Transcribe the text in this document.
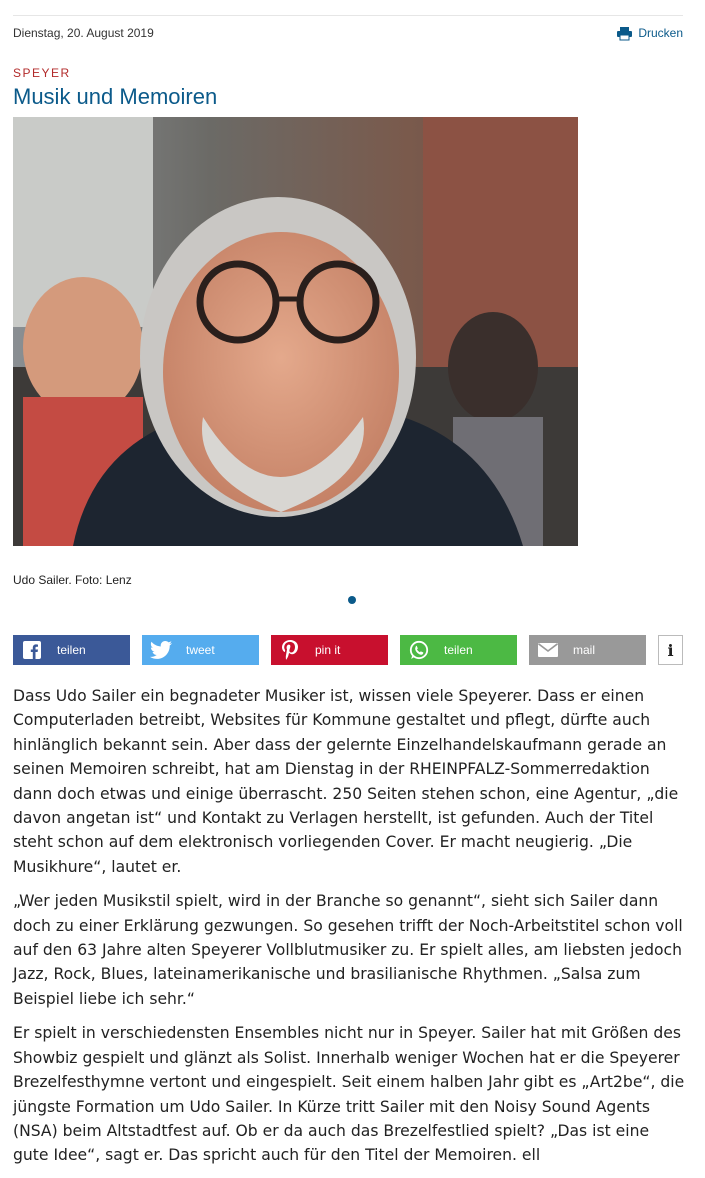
Dienstag, 20. August 2019	Drucken
SPEYER
Musik und Memoiren
Udo Sailer. Foto: Lenz
teilen	tweet	pin it	teilen	mail	i

Dass Udo Sailer ein begnadeter Musiker ist, wissen viele Speyerer. Dass er einen Computerladen betreibt, Websites für Kommune gestaltet und pflegt, dürfte auch hinlänglich bekannt sein. Aber dass der gelernte Einzelhandelskaufmann gerade an seinen Memoiren schreibt, hat am Dienstag in der RHEINPFALZ-Sommerredaktion dann doch etwas und einige überrascht. 250 Seiten stehen schon, eine Agentur, „die davon angetan ist“ und Kontakt zu Verlagen herstellt, ist gefunden. Auch der Titel steht schon auf dem elektronisch vorliegenden Cover. Er macht neugierig. „Die Musikhure“, lautet er.

„Wer jeden Musikstil spielt, wird in der Branche so genannt“, sieht sich Sailer dann doch zu einer Erklärung gezwungen. So gesehen trifft der Noch-Arbeitstitel schon voll auf den 63 Jahre alten Speyerer Vollblutmusiker zu. Er spielt alles, am liebsten jedoch Jazz, Rock, Blues, lateinamerikanische und brasilianische Rhythmen. „Salsa zum Beispiel liebe ich sehr.“

Er spielt in verschiedensten Ensembles nicht nur in Speyer. Sailer hat mit Größen des Showbiz gespielt und glänzt als Solist. Innerhalb weniger Wochen hat er die Speyerer Brezelfesthymne vertont und eingespielt. Seit einem halben Jahr gibt es „Art2be“, die jüngste Formation um Udo Sailer. In Kürze tritt Sailer mit den Noisy Sound Agents (NSA) beim Altstadtfest auf. Ob er da auch das Brezelfestlied spielt? „Das ist eine gute Idee“, sagt er. Das spricht auch für den Titel der Memoiren. ell
